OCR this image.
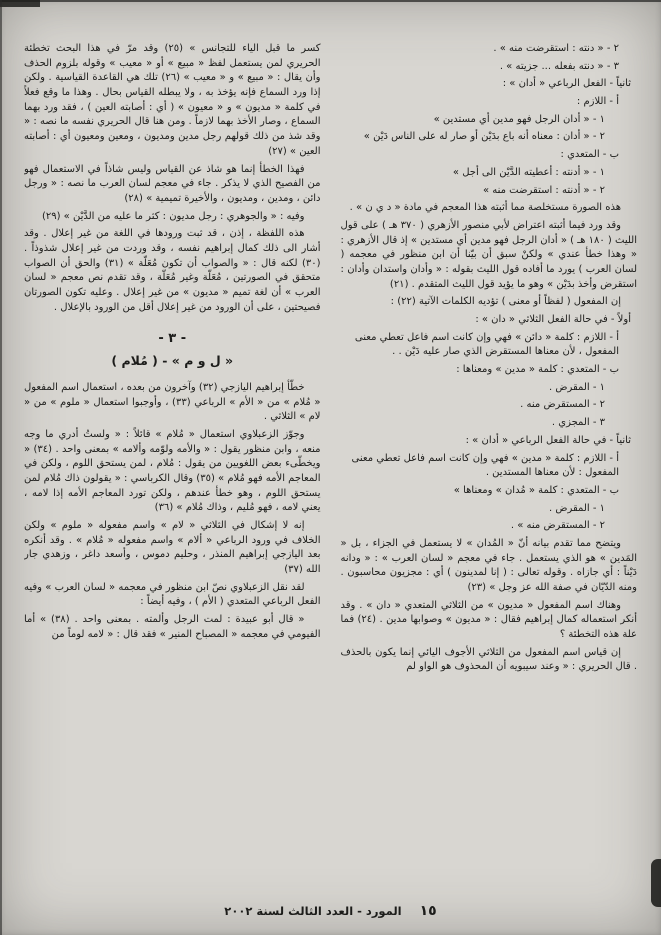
٢ - « دنته : استقرضت منه » .
٣ - « دنته بفعله ... جزيته » .
ثانياً - الفعل الرباعي « أدان » :
أ - اللازم :
١ - « أدان الرجل فهو مدين أي مستدين »
٢ - « أدان : معناه أنه باع بدَيْن أو صار له على الناس دَيْن »
ب - المتعدي :
١ - « أدنته : أعطيته الدَّيْن الى أجل »
٢ - « أدنته : استقرضت منه »
هذه الصورة مستخلصة مما أثبته هذا المعجم في مادة « د ي ن » .
وقد ورد فيما أثبته اعتراض لأبي منصور الأزهري ( ٣٧٠ هـ ) على قول الليث ( ١٨٠ هـ ) « أدان الرجل فهو مدين أي مستدين » إذ قال الأزهري : « وهذا خطأ عندي » ولكنْ سبق أن بيّنا أن ابن منظور في معجمه ( لسان العرب ) يورد ما أفاده قول الليث بقوله : « وأدان واستدان وأدان : استقرض وأخذ بدَيْن » وهو ما يؤيد قول الليث المتقدم . (٢١)
إن المفعول ( لفظاً أو معنى ) تؤديه الكلمات الآتية (٢٢) :
أولاً - في حالة الفعل الثلاثي « دان » :
أ - اللازم : كلمة « دائن » فهي وإن كانت اسم فاعل تعطي معنى المفعول ، لأن معناها المستقرض الذي صار عليه دَيْن . .
ب - المتعدي : كلمة « مدين » ومعناها :
١ - المقرض .
٢ - المستقرض منه .
٣ - المجزي .
ثانياً - في حالة الفعل الرباعي « أدان » :
أ - اللازم : كلمة « مدين » فهي وإن كانت اسم فاعل تعطي معنى المفعول : لأن معناها المستدين .
ب - المتعدي : كلمة « مُدان » ومعناها »
١ - المقرض .
٢ - المستقرض منه » .
ويتضح مما تقدم بيانه أنّ « المُدان » لا يستعمل في الجزاء ، بل « المَدين » هو الذي يستعمل . جاء في معجم « لسان العرب » : « ودانه دَيْناً : أي جازاه . وقوله تعالى : ( إنا لمدينون ) أي : مجزيون محاسبون . ومنه الدّيّان في صفة الله عز وجل » (٢٣)
وهناك اسم المفعول « مديون » من الثلاثي المتعدي « دان » . وقد أنكر استعماله كمال إبراهيم فقال : « مديون » وصوابها مدين . (٢٤) فما علة هذه التخطئة ؟
إن قياس اسم المفعول من الثلاثي الأجوف اليائي إنما يكون بالحذف . قال الحريري : « وعند سيبويه أن المحذوف هو الواو لم
كسر ما قبل الياء للتجانس » (٢٥) وقد مرّ في هذا البحث تخطئة الحريري لمن يستعمل لفظ « مبيع » أو « معيب » وقوله بلزوم الحذف وأن يقال : « مبيع » و « معيب » (٢٦) تلك هي القاعدة القياسية . ولكن إذا ورد السماع فإنه يؤخذ به ، ولا يبطله القياس بحال . وهذا ما وقع فعلاً في كلمة « مديون » و « معيون » ( أي : أصابته العين ) ، فقد ورد بهما السماع ، وصار الأخذ بهما لازماً . ومن هنا قال الحريري نفسه ما نصه : « وقد شذ من ذلك قولهم رجل مدين ومديون ، ومعين ومعيون أي : أصابته العين » (٢٧)
فهذا الخطأ إنما هو شاذ عن القياس وليس شاذاً في الاستعمال فهو من الفصيح الذي لا يذكر . جاء في معجم لسان العرب ما نصه : « ورجل دائن ، ومدين ، ومديون ، والأخيرة تميمية » (٢٨)
وفيه : « والجوهري : رجل مديون : كثر ما عليه من الدَّيْن » (٢٩)
هذه اللفظة ، إذن ، قد ثبت ورودها في اللغة من غير إعلال . وقد أشار الى ذلك كمال إبراهيم نفسه ، وقد وردت من غير إعلال شذوذاً . (٣٠) لكنه قال : « والصواب أن تكون مُعَلّة » (٣١) والحق أن الصواب متحقق في الصورتين ، مُعَلّة وغير مُعَلّة ، وقد تقدم نص معجم « لسان العرب » أن لغة تميم « مديون » من غير إعلال . وعليه تكون الصورتان فصيحتين ، على أن الورود من غير إعلال أقل من الورود بالإعلال .
- ٣ -
« ل و م » - ( مُلام )
خطّأ إبراهيم اليازجي (٣٢) وآخرون من بعده ، استعمال اسم المفعول « مُلام » من « الأم » الرباعي (٣٣) ، وأوجبوا استعمال « ملوم » من « لام » الثلاثي .
وجوّز الزعبلاوي استعمال « مُلام » قائلاً : « ولستُ أدري ما وجه منعه ، وابن منظور يقول : « والأمه ولوّمه وألامه » بمعنى واحد . (٣٤) « ويخطّىء بعض اللغويين من يقول : مُلام ، لمن يستحق اللوم ، ولكن في المعاجم الأمه فهو مُلام » (٣٥) وقال الكرباسي : « يقولون ذاك مُلام لمن يستحق اللوم ، وهو خطأ عندهم ، ولكن تورد المعاجم الأمه إذا لامه ، يعني لامه ، فهو مُليم ، وذاك مُلام » (٣٦)
إنه لا إشكال في الثلاثي « لام » واسم مفعوله « ملوم » ولكن الخلاف في ورود الرباعي « ألام » واسم مفعوله « مُلام » . وقد أنكره بعد اليازجي إبراهيم المنذر ، وحليم دموس ، وأسعد داغر ، وزهدي جار الله (٣٧)
لقد نقل الزعبلاوي نصّ ابن منظور في معجمه « لسان العرب » وفيه الفعل الرباعي المتعدي ( الأم ) ، وفيه أيضاً :
« قال أبو عبيدة : لمت الرجل وألمته . بمعنى واحد . (٣٨) » أما الفيومي في معجمه « المصباح المنير » فقد قال : « لامه لوماً من
١٥
المورد - العدد الثالث لسنة ٢٠٠٢
